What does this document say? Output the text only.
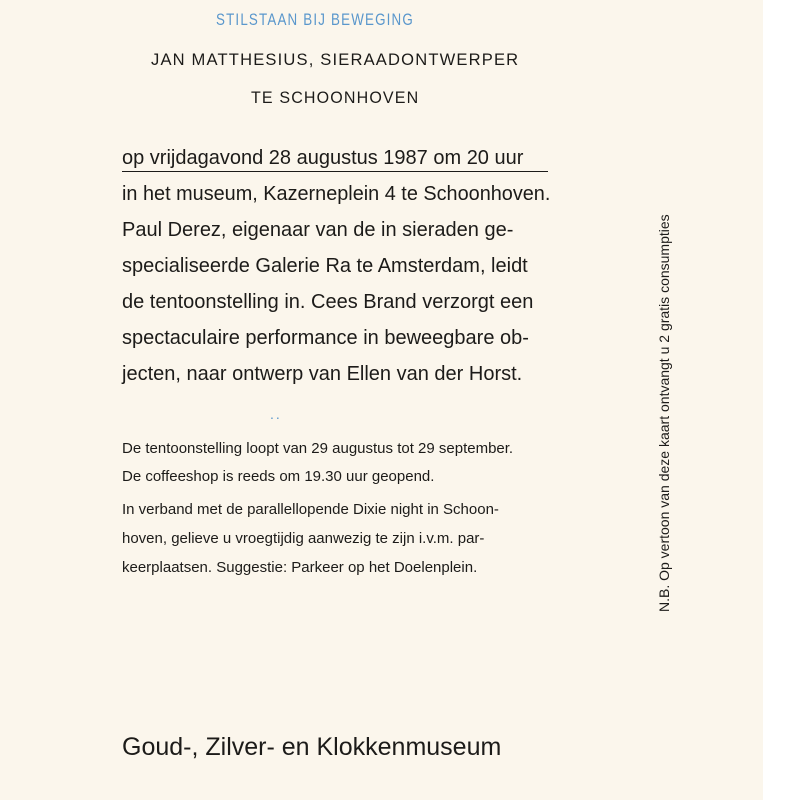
STILSTAAN BIJ BEWEGING
JAN MATTHESIUS, SIERAADONTWERPER
TE SCHOONHOVEN
op vrijdagavond 28 augustus 1987 om 20 uur
in het museum, Kazerneplein 4 te Schoonhoven.
Paul Derez, eigenaar van de in sieraden ge-
specialiseerde Galerie Ra te Amsterdam, leidt
de tentoonstelling in. Cees Brand verzorgt een
spectaculaire performance in beweegbare ob-
jecten, naar ontwerp van Ellen van der Horst.
..
De tentoonstelling loopt van 29 augustus tot 29 september.
De coffeeshop is reeds om 19.30 uur geopend.
In verband met de parallellopende Dixie night in Schoon-
hoven, gelieve u vroegtijdig aanwezig te zijn i.v.m. par-
keerplaatsen. Suggestie: Parkeer op het Doelenplein.	N.B. Op vertoon van deze kaart ontvangt u 2 gratis consumpties
Goud-, Zilver- en Klokkenmuseum
